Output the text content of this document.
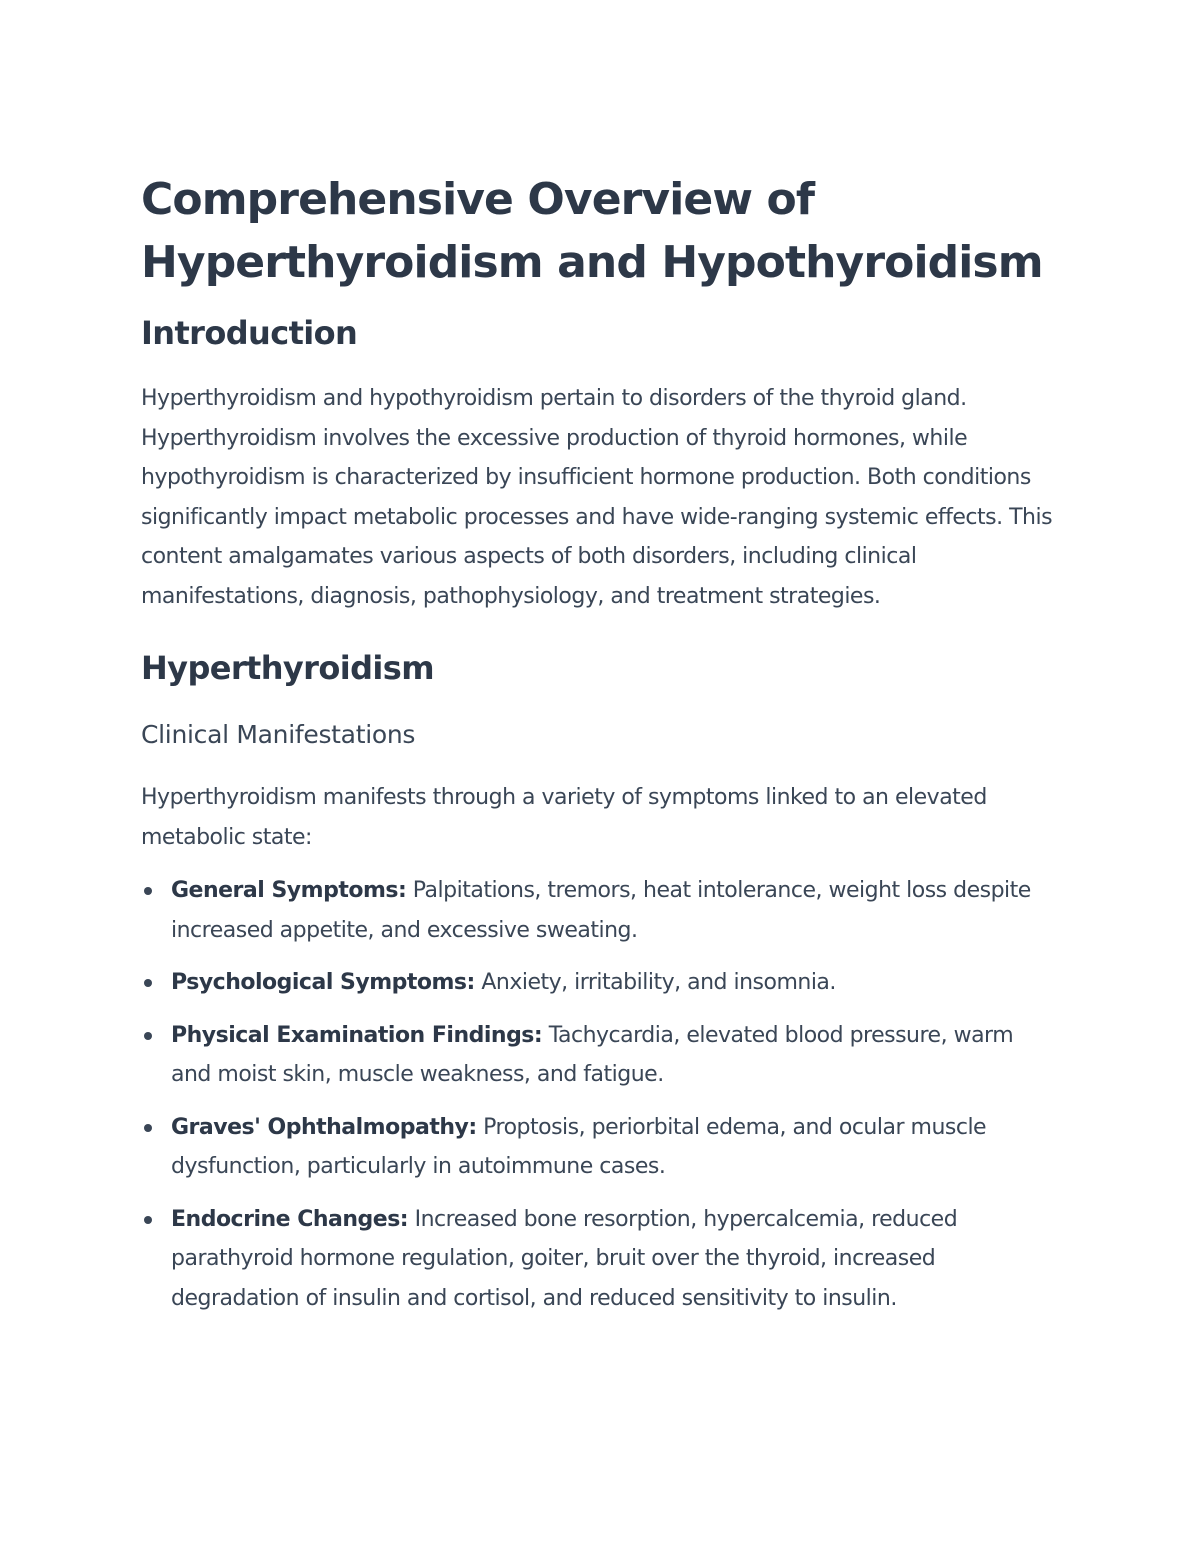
Comprehensive Overview of
Hyperthyroidism and Hypothyroidism
Introduction

Hyperthyroidism and hypothyroidism pertain to disorders of the thyroid gland. Hyperthyroidism involves the excessive production of thyroid hormones, while hypothyroidism is characterized by insufficient hormone production. Both conditions significantly impact metabolic processes and have wide-ranging systemic effects. This content amalgamates various aspects of both disorders, including clinical manifestations, diagnosis, pathophysiology, and treatment strategies.

Hyperthyroidism
Clinical Manifestations

Hyperthyroidism manifests through a variety of symptoms linked to an elevated metabolic state:

General Symptoms: Palpitations, tremors, heat intolerance, weight loss despite increased appetite, and excessive sweating.
Psychological Symptoms: Anxiety, irritability, and insomnia.
Physical Examination Findings: Tachycardia, elevated blood pressure, warm and moist skin, muscle weakness, and fatigue.
Graves' Ophthalmopathy: Proptosis, periorbital edema, and ocular muscle dysfunction, particularly in autoimmune cases.
Endocrine Changes: Increased bone resorption, hypercalcemia, reduced parathyroid hormone regulation, goiter, bruit over the thyroid, increased degradation of insulin and cortisol, and reduced sensitivity to insulin.
